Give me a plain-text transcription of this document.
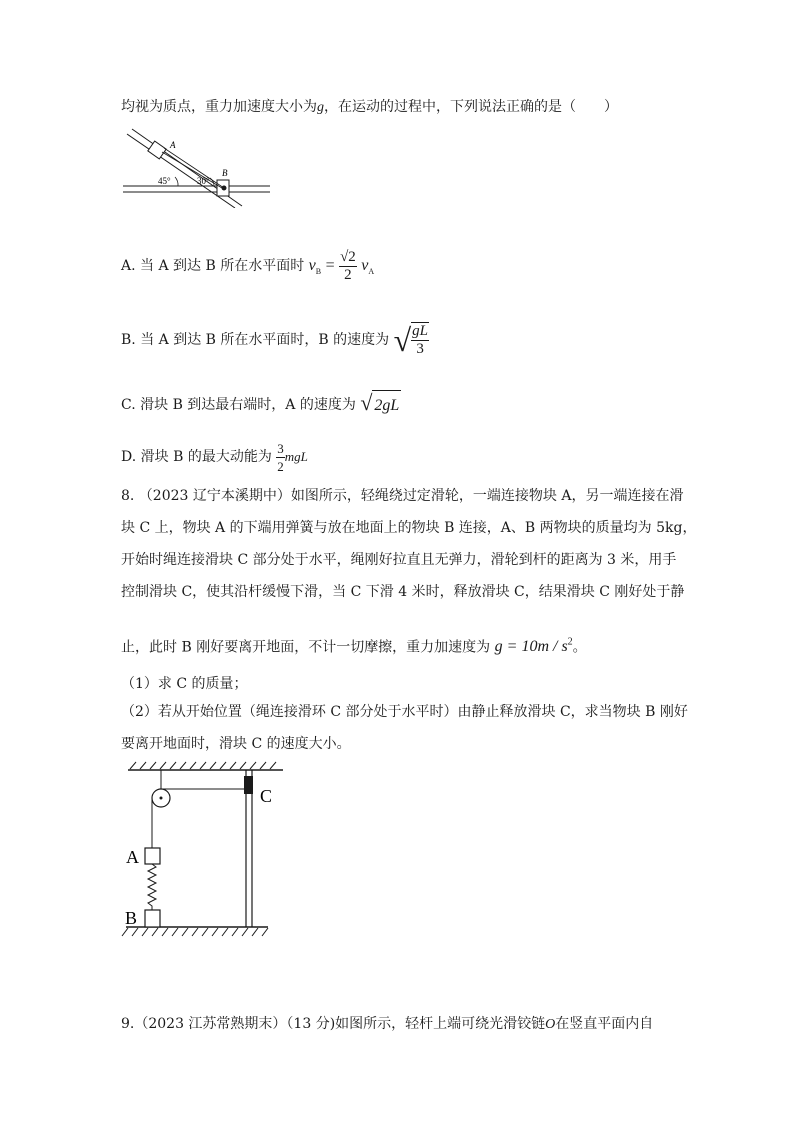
均视为质点，重力加速度大小为g，在运动的过程中，下列说法正确的是（　　）
45°	30°
A
B
A. 当 A 到达 B 所在水平面时 $v_B = \frac{√2}{2} v_A$
B. 当 A 到达 B 所在水平面时，B 的速度为 √ $\frac{gL}{3}$
C. 滑块 B 到达最右端时，A 的速度为 √ 2gL
D. 滑块 B 的最大动能为 $\frac{3}{2}$ mgL
8. （2023 辽宁本溪期中）如图所示，轻绳绕过定滑轮，一端连接物块 A，另一端连接在滑
块 C 上，物块 A 的下端用弹簧与放在地面上的物块 B 连接，A、B 两物块的质量均为 5kg，
开始时绳连接滑块 C 部分处于水平，绳刚好拉直且无弹力，滑轮到杆的距离为 3 米，用手
控制滑块 C，使其沿杆缓慢下滑，当 C 下滑 4 米时，释放滑块 C，结果滑块 C 刚好处于静
止，此时 B 刚好要离开地面，不计一切摩擦，重力加速度为 $g = 10m / s^2$。
（1）求 C 的质量；
（2）若从开始位置（绳连接滑环 C 部分处于水平时）由静止释放滑块 C，求当物块 B 刚好
要离开地面时，滑块 C 的速度大小。
A
B
C
9.（2023 江苏常熟期末）（13 分)如图所示，轻杆上端可绕光滑铰链O在竖直平面内自
